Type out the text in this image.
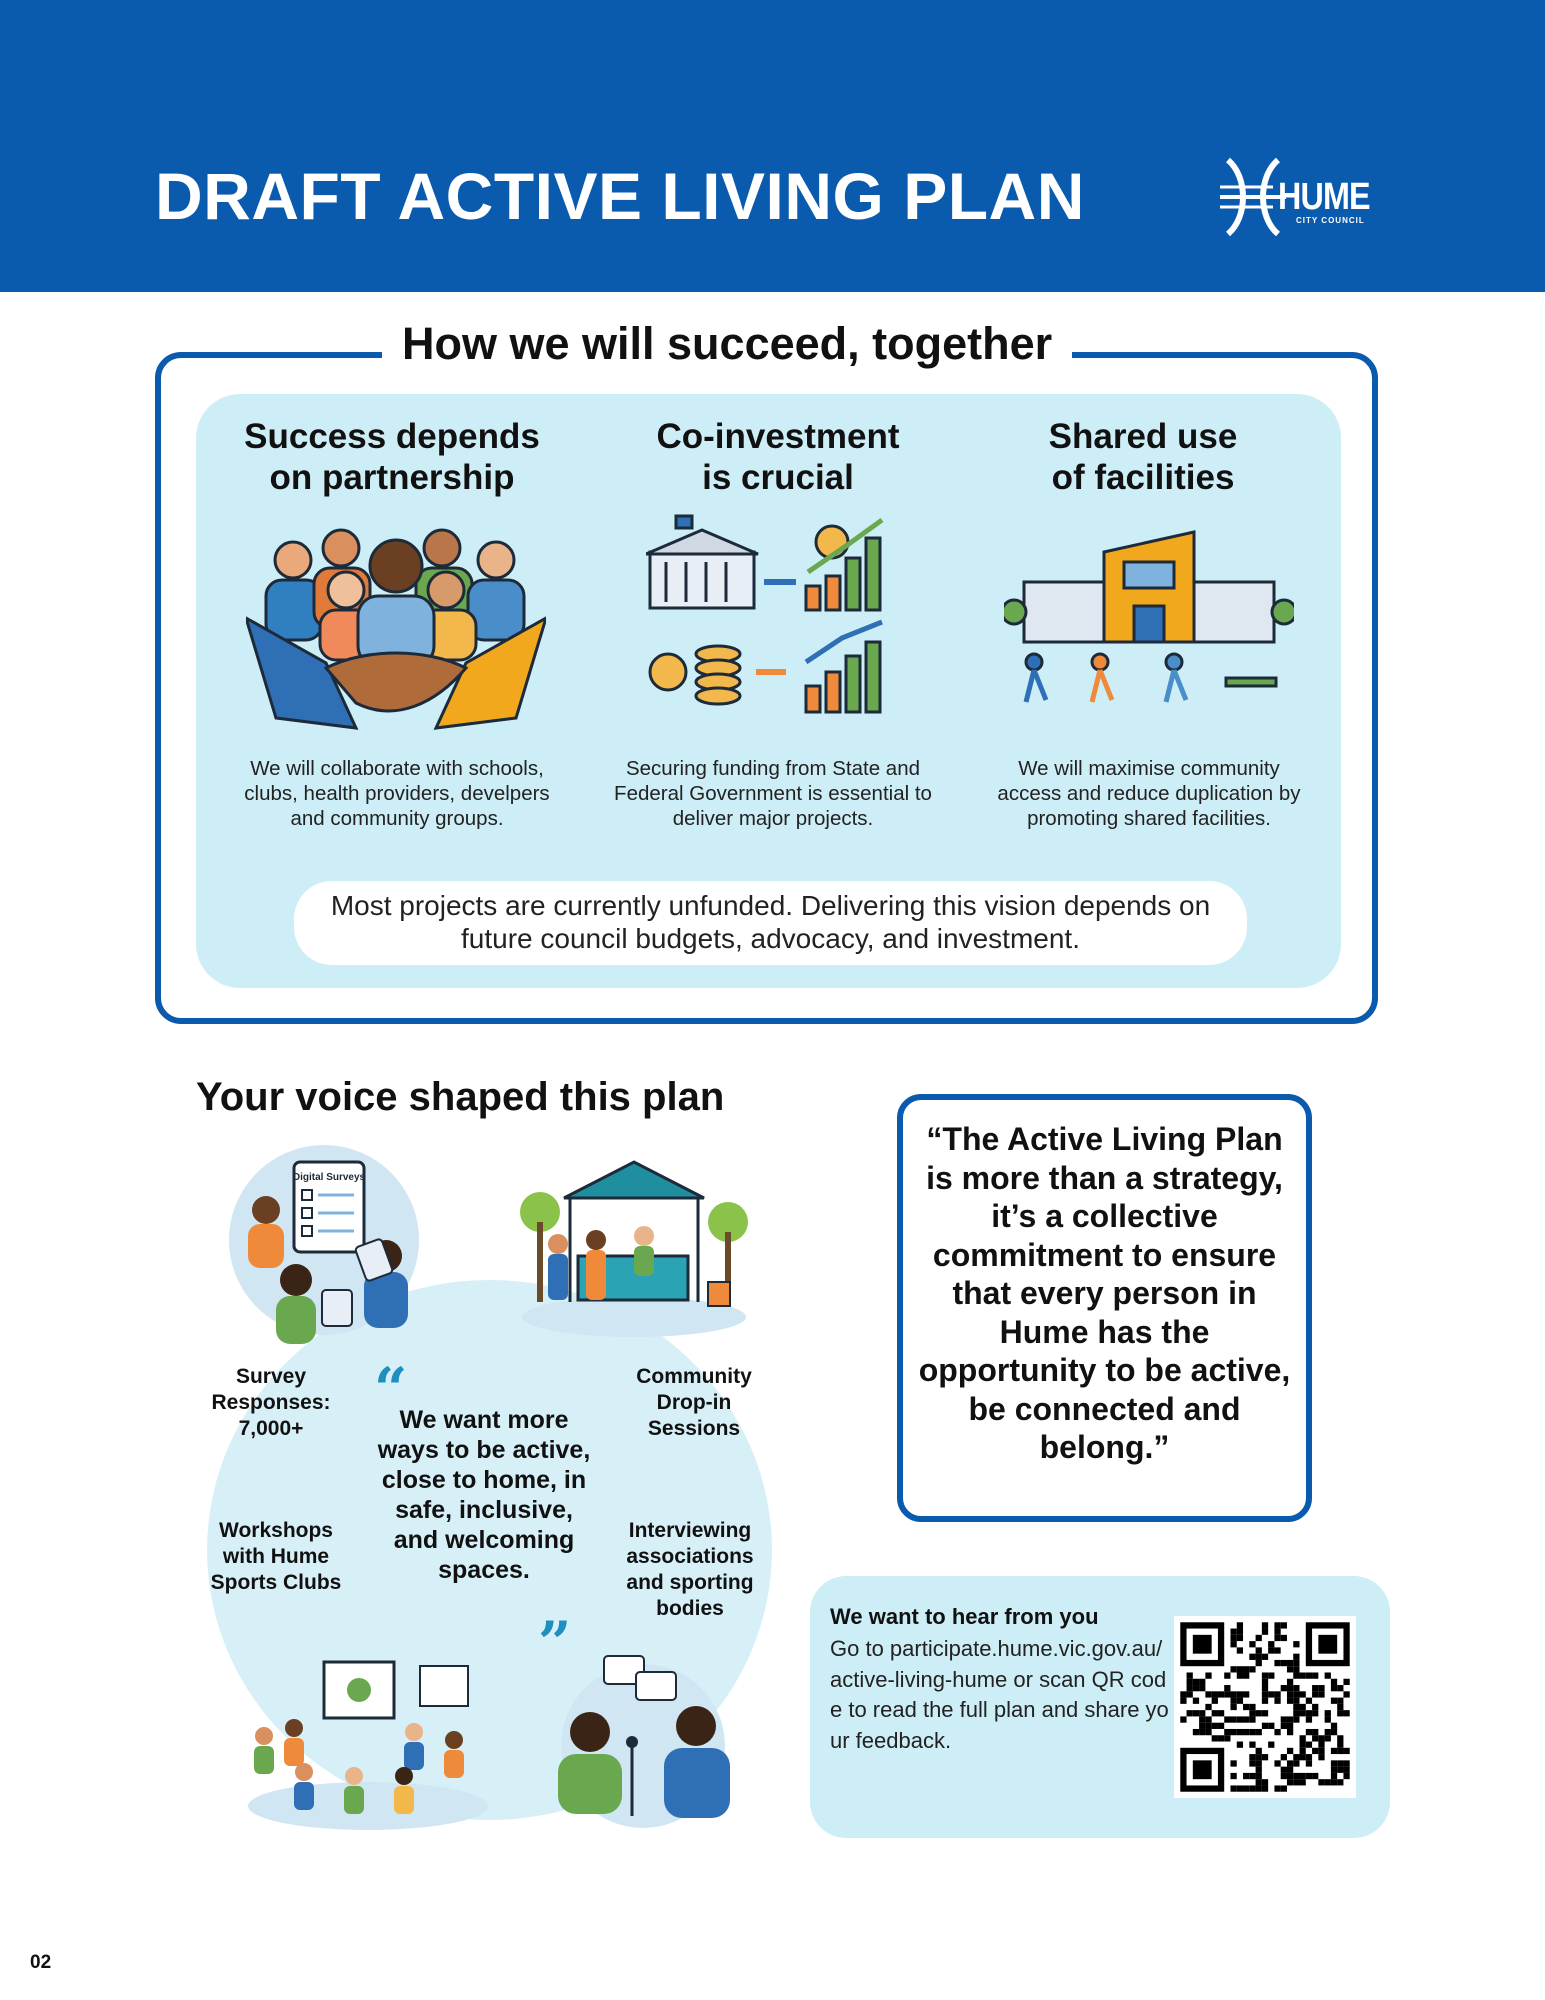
DRAFT ACTIVE LIVING PLAN	HUME
CITY COUNCIL
How we will succeed, together
Success depends
on partnership
We will collaborate with schools, clubs, health providers, develpers and community groups.
Co-investment
is crucial
Securing funding from State and Federal Government is essential to deliver major projects.
Shared use
of facilities
We will maximise community access and reduce duplication by promoting shared facilities.
Most projects are currently unfunded. Delivering this vision depends on future council budgets, advocacy, and investment.
Your voice shaped this plan
Digital Surveys
Survey Responses: 7,000+
Community Drop-in Sessions
Workshops with Hume Sports Clubs
Interviewing associations and sporting bodies
“
We want more ways to be active, close to home, in safe, inclusive, and welcoming spaces.
”
“The Active Living Plan is more than a strategy, it’s a collective commitment to ensure that every person in Hume has the opportunity to be active, be connected and belong.”
We want to hear from you
Go to participate.hume.vic.gov.au/ active-living-hume or scan QR code to read the full plan and share your feedback.
02
